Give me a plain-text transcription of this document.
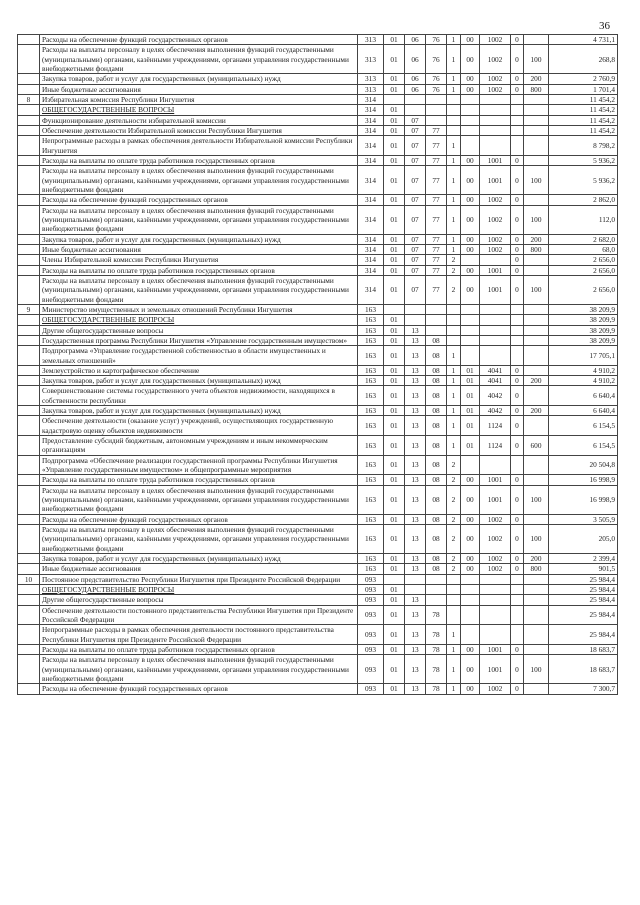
36
	Расходы на обеспечение функций государственных органов	313	01	06	76	1	00	1002	0		4 731,1
	Расходы на выплаты персоналу в целях обеспечения выполнения функций государственными (муниципальными) органами, казёнными учреждениями, органами управления государственными внебюджетными фондами	313	01	06	76	1	00	1002	0	100	268,8
	Закупка товаров, работ и услуг для государственных (муниципальных) нужд	313	01	06	76	1	00	1002	0	200	2 760,9
	Иные бюджетные ассигнования	313	01	06	76	1	00	1002	0	800	1 701,4
8	Избирательная комиссия Республики Ингушетия	314									11 454,2
	ОБЩЕГОСУДАРСТВЕННЫЕ ВОПРОСЫ	314	01								11 454,2
	Функционирование деятельности избирательной комиссии	314	01	07							11 454,2
	Обеспечение деятельности Избирательной комиссии Республики Ингушетия	314	01	07	77						11 454,2
	Непрограммные расходы в рамках обеспечения деятельности Избирательной комиссии Республики Ингушетия	314	01	07	77	1					8 798,2
	Расходы на выплаты по оплате труда работников государственных органов	314	01	07	77	1	00	1001	0		5 936,2
	Расходы на выплаты персоналу в целях обеспечения выполнения функций государственными (муниципальными) органами, казёнными учреждениями, органами управления государственными внебюджетными фондами	314	01	07	77	1	00	1001	0	100	5 936,2
	Расходы на обеспечение функций государственных органов	314	01	07	77	1	00	1002	0		2 862,0
	Расходы на выплаты персоналу в целях обеспечения выполнения функций государственными (муниципальными) органами, казёнными учреждениями, органами управления государственными внебюджетными фондами	314	01	07	77	1	00	1002	0	100	112,0
	Закупка товаров, работ и услуг для государственных (муниципальных) нужд	314	01	07	77	1	00	1002	0	200	2 682,0
	Иные бюджетные ассигнования	314	01	07	77	1	00	1002	0	800	68,0
	Члены Избирательной комиссии Республики Ингушетия	314	01	07	77	2			0		2 656,0
	Расходы на выплаты по оплате труда работников государственных органов	314	01	07	77	2	00	1001	0		2 656,0
	Расходы на выплаты персоналу в целях обеспечения выполнения функций государственными (муниципальными) органами, казёнными учреждениями, органами управления государственными внебюджетными фондами	314	01	07	77	2	00	1001	0	100	2 656,0
9	Министерство имущественных и земельных отношений Республики Ингушетия	163									38 209,9
	ОБЩЕГОСУДАРСТВЕННЫЕ ВОПРОСЫ	163	01								38 209,9
	Другие общегосударственные вопросы	163	01	13							38 209,9
	Государственная программа Республики Ингушетия «Управление государственным имуществом»	163	01	13	08						38 209,9
	Подпрограмма «Управление государственной собственностью в области имущественных и земельных отношений»	163	01	13	08	1					17 705,1
	Землеустройство и картографическое обеспечение	163	01	13	08	1	01	4041	0		4 910,2
	Закупка товаров, работ и услуг для государственных (муниципальных) нужд	163	01	13	08	1	01	4041	0	200	4 910,2
	Совершенствование системы государственного учета объектов недвижимости, находящихся в собственности республики	163	01	13	08	1	01	4042	0		6 640,4
	Закупка товаров, работ и услуг для государственных (муниципальных) нужд	163	01	13	08	1	01	4042	0	200	6 640,4
	Обеспечение деятельности (оказание услуг) учреждений, осуществляющих государственную кадастровую оценку объектов недвижимости	163	01	13	08	1	01	1124	0		6 154,5
	Предоставление субсидий бюджетным, автономным учреждениям и иным некоммерческим организациям	163	01	13	08	1	01	1124	0	600	6 154,5
	Подпрограмма «Обеспечение реализации государственной программы Республики Ингушетия «Управление государственным имуществом» и общепрограммные мероприятия	163	01	13	08	2					20 504,8
	Расходы на выплаты по оплате труда работников государственных органов	163	01	13	08	2	00	1001	0		16 998,9
	Расходы на выплаты персоналу в целях обеспечения выполнения функций государственными (муниципальными) органами, казёнными учреждениями, органами управления государственными внебюджетными фондами	163	01	13	08	2	00	1001	0	100	16 998,9
	Расходы на обеспечение функций государственных органов	163	01	13	08	2	00	1002	0		3 505,9
	Расходы на выплаты персоналу в целях обеспечения выполнения функций государственными (муниципальными) органами, казёнными учреждениями, органами управления государственными внебюджетными фондами	163	01	13	08	2	00	1002	0	100	205,0
	Закупка товаров, работ и услуг для государственных (муниципальных) нужд	163	01	13	08	2	00	1002	0	200	2 399,4
	Иные бюджетные ассигнования	163	01	13	08	2	00	1002	0	800	901,5
10	Постоянное представительство Республики Ингушетия при Президенте Российской Федерации	093									25 984,4
	ОБЩЕГОСУДАРСТВЕННЫЕ ВОПРОСЫ	093	01								25 984,4
	Другие общегосударственные вопросы	093	01	13							25 984,4
	Обеспечение деятельности постоянного представительства Республики Ингушетия при Президенте Российской Федерации	093	01	13	78						25 984,4
	Непрограммные расходы в рамках обеспечения деятельности постоянного представительства Республики Ингушетия при Президенте Российской Федерации	093	01	13	78	1					25 984,4
	Расходы на выплаты по оплате труда работников государственных органов	093	01	13	78	1	00	1001	0		18 683,7
	Расходы на выплаты персоналу в целях обеспечения выполнения функций государственными (муниципальными) органами, казёнными учреждениями, органами управления государственными внебюджетными фондами	093	01	13	78	1	00	1001	0	100	18 683,7
	Расходы на обеспечение функций государственных органов	093	01	13	78	1	00	1002	0		7 300,7
